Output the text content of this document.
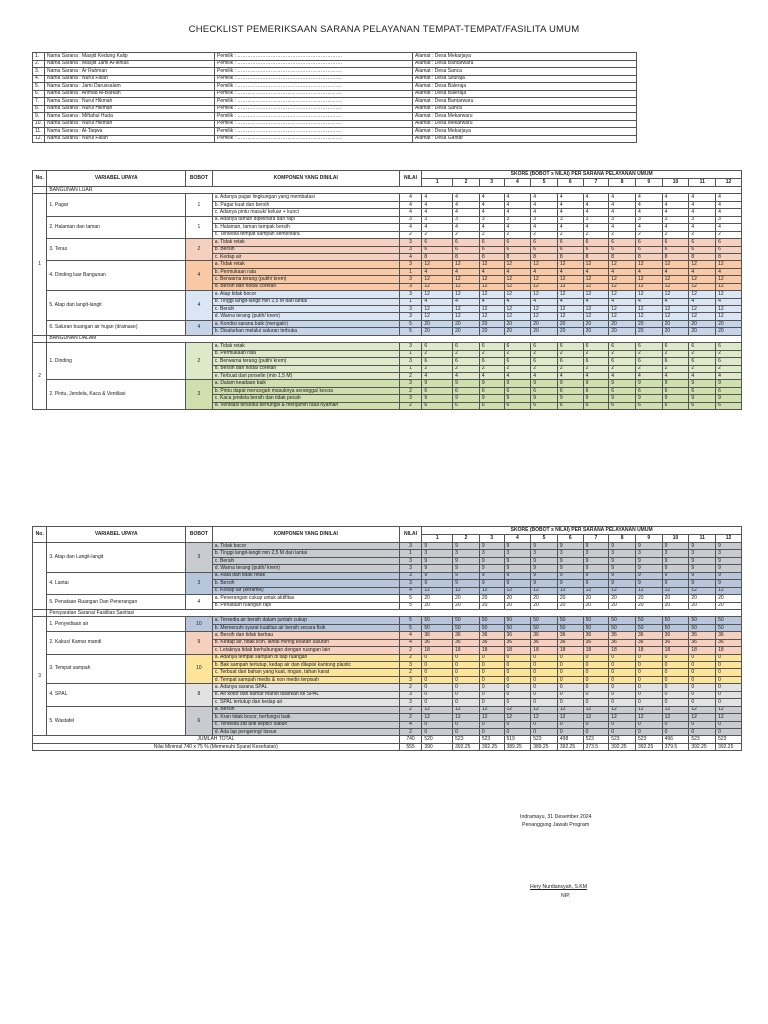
CHECKLIST PEMERIKSAAN SARANA PELAYANAN TEMPAT-TEMPAT/FASILITA UMUM
1.	Nama Sarana : Masjid Kedung Kalip	Pemilik : ………………………………………………………	Alamat : Desa Mekarjaya
2.	Nama Sarana : Masjid Jami Al-Ikhlas	Pemilik : ………………………………………………………	Alamat : Desa Bantarwaru
3.	Nama Sarana : Ar Rahman	Pemilik : ………………………………………………………	Alamat : Desa Sanca
4.	Nama Sarana : Nurul Falah	Pemilik : ………………………………………………………	Alamat : Desa Situraja
5.	Nama Sarana : Jami Darussalam	Pemilik : ………………………………………………………	Alamat : Desa Baleraja
6.	Nama Sarana : Ahmad Al-Barkah	Pemilik : ………………………………………………………	Alamat : Desa Baleraja
7.	Nama Sarana : Nurul Hikmah	Pemilik : ………………………………………………………	Alamat : Desa Bantarwaru
8.	Nama Sarana : Nurul Hikmah	Pemilik : ………………………………………………………	Alamat : Desa Sanca
9.	Nama Sarana : Miftahul Huda	Pemilik : ………………………………………………………	Alamat : Desa Mekarwaru
10.	Nama Sarana : Nurul Hikmah	Pemilik : ………………………………………………………	Alamat : Desa Mekarwaru
11.	Nama Sarana : Al-Taqwa	Pemilik : ………………………………………………………	Alamat : Desa Mekarjaya
12.	Nama Sarana : Nurul Falah	Pemilik : ………………………………………………………	Alamat : Desa Gantar
No.	VARIABEL UPAYA	BOBOT	KOMPONEN YANG DINILAI	NILAI	SKORE (BOBOT x NILAI) PER SARANA PELAYANAN UMUM											
					1	2	3	4	5	6	7	8	9	10	11	12
	BANGUNAN LUAR															
1	1. Pagar	1	a. Adanya pagar lingkungan yang membatasi	4	4	4	4	4	4	4	4	4	4	4	4	4
			b. Pagar kuat dan bersih	4	4	4	4	4	4	4	4	4	4	4	4	4
			c. Adanya pintu masuk/ keluar + kunci	4	4	4	4	4	4	4	4	4	4	4	4	4
	2. Halaman dan taman	1	a. Adanya taman dipelihara dan rapi	3	3	3	3	3	3	3	3	3	3	3	3	3
			b. Halaman, taman tampak bersih	4	4	4	4	4	4	4	4	4	4	4	4	4
			c. Tersedia tempat sampah sementara	2	2	2	2	2	2	2	2	2	2	2	2	2
	3. Teras	2	a. Tidak retak	3	6	6	6	6	6	6	6	6	6	6	6	6
			b. Bersih	3	6	6	6	6	6	6	6	6	6	6	6	6
			c. Kedap air	4	8	8	8	8	8	8	8	8	8	8	8	8
	4. Dinding luar Bangunan	4	a. Tidak retak	3	12	12	12	12	12	12	12	12	12	12	12	12
			b. Permukaan rata	1	4	4	4	4	4	4	4	4	4	4	4	4
			c. Berwarna terang (putih/ krem)	3	12	12	12	12	12	12	12	12	12	12	12	12
			d. Bersih dan noda/ coretan	3	12	12	12	12	12	12	12	12	12	12	12	12
	5. Atap dan langit-langit	4	a. Atap tidak bocor	3	12	12	12	12	12	12	12	12	12	12	12	12
			b. Tinggi langit-langit min 2,5 M dari lantai	1	4	4	4	4	4	4	4	4	4	4	4	4
			c. Bersih	3	12	12	12	12	12	12	12	12	12	12	12	12
			d. Warna terang (putih/ krem)	3	12	12	12	12	12	12	12	12	12	12	12	12
	6. Saluran buangan air hujan (drainase)	4	a. Kondisi sarana baik (mengalir)	5	20	20	20	20	20	20	20	20	20	20	20	20
			b. Disalurkan melalui saluran terbuka	5	20	20	20	20	20	20	20	20	20	20	20	20
	BANGUNAN DALAM															
2	1. Dinding	2	a. Tidak retak	3	6	6	6	6	6	6	6	6	6	6	6	6
			b. Permukaan rata	1	2	2	2	2	2	2	2	2	2	2	2	2
			c. Berwarna terang (putih/ krem)	3	6	6	6	6	6	6	6	6	6	6	6	6
			d. Bersih dari noda/ coretan	1	2	2	2	2	2	2	2	2	2	2	2	2
			e. Terbuat dari porselin (min 1,5 M)	2	4	4	4	4	4	4	4	4	4	4	4	4
	2. Pintu, Jendela, Kaca & Ventilasi	3	a. Dalam keadaan baik	3	9	9	9	9	9	9	9	9	9	9	9	9
			b. Pintu dapat mencegah masuknya serangga/ kecoa	2	6	6	6	6	6	6	6	6	6	6	6	6
			c. Kaca jendela bersih dan tidak pecah	3	9	9	9	9	9	9	9	9	9	9	9	9
			d. Ventilasi tersedia berfungsi & menjamin rasa nyaman	2	6	6	6	6	6	6	6	6	6	6	6	6
No.	VARIABEL UPAYA	BOBOT	KOMPONEN YANG DINILAI	NILAI	SKORE (BOBOT x NILAI) PER SARANA PELAYANAN UMUM											
					1	2	3	4	5	6	7	8	9	10	11	12
	3. Atap dan Langit-langit	3	a. Tidak bocor	3	9	9	9	9	9	9	9	9	9	9	9	9
			b. Tinggi langit-langit min 2,5 M dari lantai	1	3	3	3	3	3	3	3	3	3	3	3	3
			c. Bersih	3	9	9	9	9	9	9	9	9	9	9	9	9
			d. Warna terang (putih/ krem)	3	9	9	9	9	9	9	9	9	9	9	9	9
	4. Lantai	3	a. Rata dan tidak retak	3	9	9	9	9	9	9	9	9	9	9	9	9
			b. Bersih	3	9	9	9	9	9	9	9	9	9	9	9	9
			c. Kedap air (keramik)	4	12	12	12	12	12	12	12	12	12	12	12	12
	5. Penataan Ruangan Dan Penerangan	4	a. Penerangan cukup untuk aktifitas	5	20	20	20	20	20	20	20	20	20	20	20	20
			b. Penataan ruangan rapi	5	20	20	20	20	20	20	20	20	20	20	20	20
	Persyaratan Sarana/ Fasilitas Sanitasi															
3	1. Penyediaan air	10	a. Tersedia air bersih dalam jumlah cukup	5	50	50	50	50	50	50	50	50	50	50	50	50
			b. Memenuhi syarat kualitas air bersih secara fisik	5	50	50	50	50	50	50	50	50	50	50	50	50
	2. Kakus/ Kamar mandi	9	a. Bersih dan tidak berbau	4	36	36	36	36	36	36	36	36	36	36	36	36
			b. Kedap air, tidak licin, lantai miring kearah saluran	4	36	36	36	36	36	36	36	36	36	36	36	36
			c. Letaknya tidak berhubungan dengan ruangan lain	2	18	18	18	18	18	18	18	18	18	18	18	18
	3. Tempat sampah	10	a. Adanya tempat sampah di tiap ruangan	2	0	0	0	0	0	0	0	0	0	0	0	0
			b. Bak sampah tertutup, kedap air dan dilapisi kantong plastic	3	0	0	0	0	0	0	0	0	0	0	0	0
			c. Terbuat dari bahan yang kuat, ringan, tahan karat	2	0	0	0	0	0	0	0	0	0	0	0	0
			d. Tempat sampah medis & non medis terpisah	3	0	0	0	0	0	0	0	0	0	0	0	0
	4. SPAL	8	a. Adanya sarana SPAL	2	0	0	0	0	0	0	0	0	0	0	0	0
			b. Air kotor dari kamar mandi dialirkan ke SPAL	3	0	0	0	0	0	0	0	0	0	0	0	0
			c. SPAL tertutup dan kedap air	3	0	0	0	0	0	0	0	0	0	0	0	0
	5. Wastafel	6	a. Bersih	2	12	12	12	12	12	12	12	12	12	12	12	12
			b. Kran tidak bocor, berfungsi baik	2	12	12	12	12	12	12	12	12	12	12	12	12
			c. Tersedia zat anti septic/ sabun	4	0	0	0	0	0	0	0	0	0	0	0	0
			d. Ada lap pengering/ tissue	2	0	0	0	0	0	0	0	0	0	0	0	0
JUMLAH TOTAL				740	520	523	523	519	523	498	523	523	523	496	523	523
Nilai Minimal 740 x 75 % (Memenuhi Syarat Kesehatan)				555	390	392.25	392.25	389.25	389.25	392.25	373.5	392.25	392.25	379.5	392.25	392.25
Indramayu, 31 Desember 2024
Penanggung Jawab Program
Hery Nurdiansyah, S.KM
NIP.
